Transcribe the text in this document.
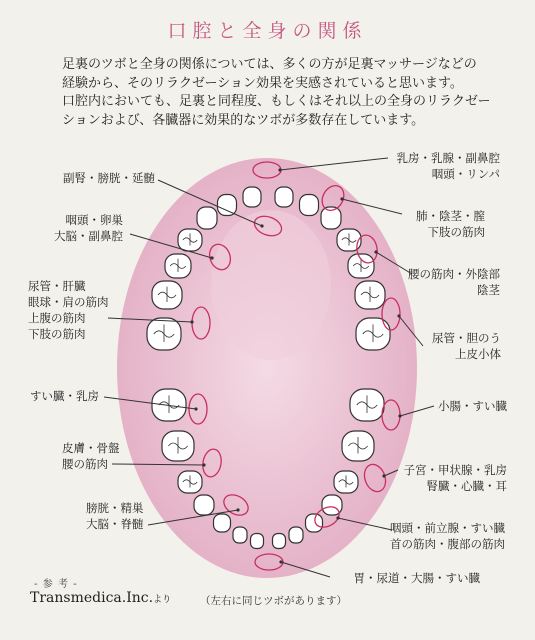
口腔と全身の関係

足裏のツボと全身の関係については、多くの方が足裏マッサージなどの

経験から、そのリラクゼーション効果を実感されていると思います。

口腔内においても、足裏と同程度、もしくはそれ以上の全身のリラクゼー

ションおよび、各臓器に効果的なツボが多数存在しています。

副腎・膀胱・延髄
咽頭・卵巣
大脳・副鼻腔
尿管・肝臓
眼球・肩の筋肉
上腹の筋肉
下肢の筋肉
すい臓・乳房
皮膚・骨盤
腰の筋肉
膀胱・精巣
大脳・脊髄
乳房・乳腺・副鼻腔
咽頭・リンパ
肺・陰茎・膣
下肢の筋肉
腰の筋肉・外陰部
陰茎
尿管・胆のう
上皮小体
小腸・すい臓
子宮・甲状腺・乳房
腎臓・心臓・耳
咽頭・前立腺・すい臓
首の筋肉・腹部の筋肉
胃・尿道・大腸・すい臓
- 参 考 -
Transmedica.Inc.より	（左右に同じツボがあります）
